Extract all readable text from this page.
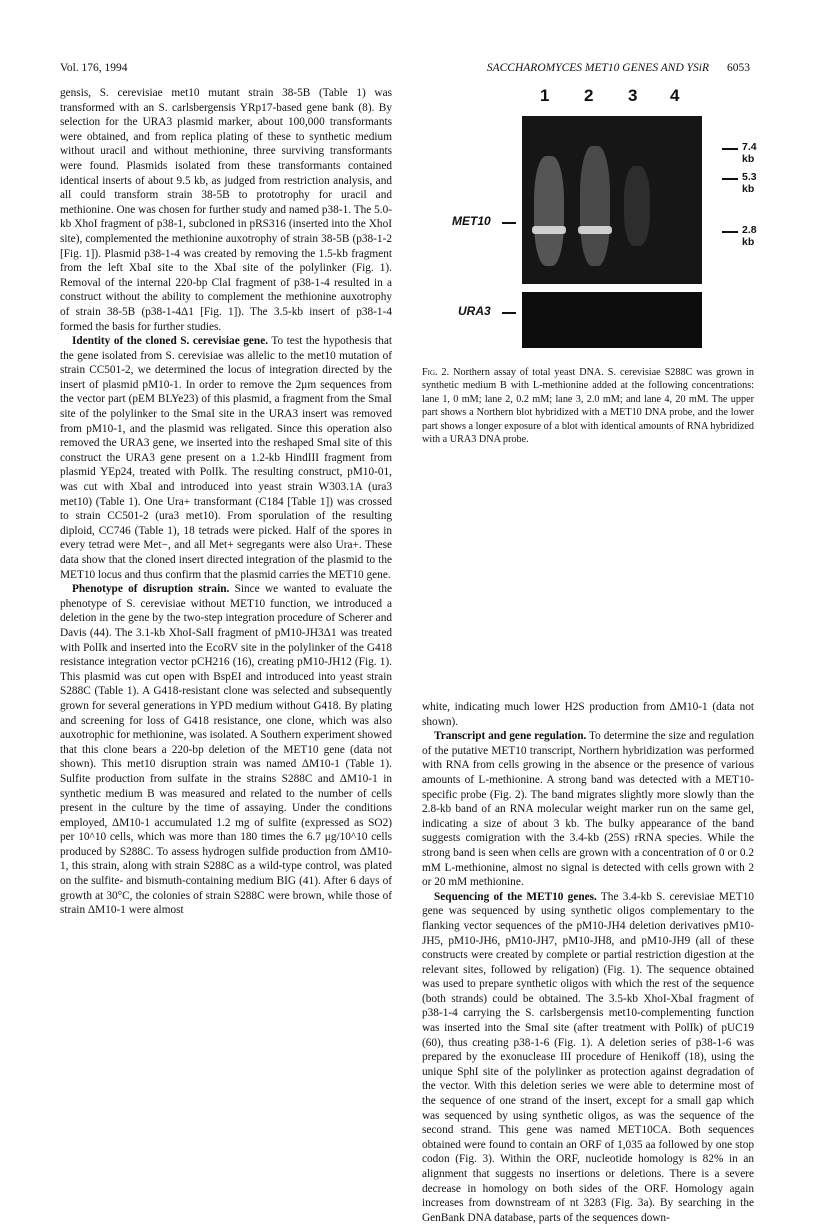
Vol. 176, 1994	SACCHAROMYCES MET10 GENES AND YSiR 6053

gensis, S. cerevisiae met10 mutant strain 38-5B (Table 1) was transformed with an S. carlsbergensis YRp17-based gene bank (8). By selection for the URA3 plasmid marker, about 100,000 transformants were obtained, and from replica plating of these to synthetic medium without uracil and without methionine, three surviving transformants were found. Plasmids isolated from these transformants contained identical inserts of about 9.5 kb, as judged from restriction analysis, and all could transform strain 38-5B to prototrophy for uracil and methionine. One was chosen for further study and named p38-1. The 5.0-kb XhoI fragment of p38-1, subcloned in pRS316 (inserted into the XhoI site), complemented the methionine auxotrophy of strain 38-5B (p38-1-2 [Fig. 1]). Plasmid p38-1-4 was created by removing the 1.5-kb fragment from the left XbaI site to the XbaI site of the polylinker (Fig. 1). Removal of the internal 220-bp ClaI fragment of p38-1-4 resulted in a construct without the ability to complement the methionine auxotrophy of strain 38-5B (p38-1-4Δ1 [Fig. 1]). The 3.5-kb insert of p38-1-4 formed the basis for further studies.

Identity of the cloned S. cerevisiae gene. To test the hypothesis that the gene isolated from S. cerevisiae was allelic to the met10 mutation of strain CC501-2, we determined the locus of integration directed by the insert of plasmid pM10-1. In order to remove the 2μm sequences from the vector part (pEM BLYe23) of this plasmid, a fragment from the SmaI site of the polylinker to the SmaI site in the URA3 insert was removed from pM10-1, and the plasmid was religated. Since this operation also removed the URA3 gene, we inserted into the reshaped SmaI site of this construct the URA3 gene present on a 1.2-kb HindIII fragment from plasmid YEp24, treated with PolIk. The resulting construct, pM10-01, was cut with XbaI and introduced into yeast strain W303.1A (ura3 met10) (Table 1). One Ura+ transformant (C184 [Table 1]) was crossed to strain CC501-2 (ura3 met10). From sporulation of the resulting diploid, CC746 (Table 1), 18 tetrads were picked. Half of the spores in every tetrad were Met−, and all Met+ segregants were also Ura+. These data show that the cloned insert directed integration of the plasmid to the MET10 locus and thus confirm that the plasmid carries the MET10 gene.

Phenotype of disruption strain. Since we wanted to evaluate the phenotype of S. cerevisiae without MET10 function, we introduced a deletion in the gene by the two-step integration procedure of Scherer and Davis (44). The 3.1-kb XhoI-SalI fragment of pM10-JH3Δ1 was treated with PolIk and inserted into the EcoRV site in the polylinker of the G418 resistance integration vector pCH216 (16), creating pM10-JH12 (Fig. 1). This plasmid was cut open with BspEI and introduced into yeast strain S288C (Table 1). A G418-resistant clone was selected and subsequently grown for several generations in YPD medium without G418. By plating and screening for loss of G418 resistance, one clone, which was also auxotrophic for methionine, was isolated. A Southern experiment showed that this clone bears a 220-bp deletion of the MET10 gene (data not shown). This met10 disruption strain was named ΔM10-1 (Table 1). Sulfite production from sulfate in the strains S288C and ΔM10-1 in synthetic medium B was measured and related to the number of cells present in the culture by the time of assaying. Under the conditions employed, ΔM10-1 accumulated 1.2 mg of sulfite (expressed as SO2) per 10^10 cells, which was more than 180 times the 6.7 μg/10^10 cells produced by S288C. To assess hydrogen sulfide production from ΔM10-1, this strain, along with strain S288C as a wild-type control, was plated on the sulfite- and bismuth-containing medium BIG (41). After 6 days of growth at 30°C, the colonies of strain S288C were brown, while those of strain ΔM10-1 were almost

1 2 3 4
7.4 kb
5.3 kb
2.8 kb
MET10
URA3
Fig. 2. Northern assay of total yeast DNA. S. cerevisiae S288C was grown in synthetic medium B with L-methionine added at the following concentrations: lane 1, 0 mM; lane 2, 0.2 mM; lane 3, 2.0 mM; and lane 4, 20 mM. The upper part shows a Northern blot hybridized with a MET10 DNA probe, and the lower part shows a longer exposure of a blot with identical amounts of RNA hybridized with a URA3 DNA probe.

white, indicating much lower H2S production from ΔM10-1 (data not shown).

Transcript and gene regulation. To determine the size and regulation of the putative MET10 transcript, Northern hybridization was performed with RNA from cells growing in the absence or the presence of various amounts of L-methionine. A strong band was detected with a MET10-specific probe (Fig. 2). The band migrates slightly more slowly than the 2.8-kb band of an RNA molecular weight marker run on the same gel, indicating a size of about 3 kb. The bulky appearance of the band suggests comigration with the 3.4-kb (25S) rRNA species. While the strong band is seen when cells are grown with a concentration of 0 or 0.2 mM L-methionine, almost no signal is detected with cells grown with 2 or 20 mM methionine.

Sequencing of the MET10 genes. The 3.4-kb S. cerevisiae MET10 gene was sequenced by using synthetic oligos complementary to the flanking vector sequences of the pM10-JH4 deletion derivatives pM10-JH5, pM10-JH6, pM10-JH7, pM10-JH8, and pM10-JH9 (all of these constructs were created by complete or partial restriction digestion at the relevant sites, followed by religation) (Fig. 1). The sequence obtained was used to prepare synthetic oligos with which the rest of the sequence (both strands) could be obtained. The 3.5-kb XhoI-XbaI fragment of p38-1-4 carrying the S. carlsbergensis met10-complementing function was inserted into the SmaI site (after treatment with PolIk) of pUC19 (60), thus creating p38-1-6 (Fig. 1). A deletion series of p38-1-6 was prepared by the exonuclease III procedure of Henikoff (18), using the unique SphI site of the polylinker as protection against degradation of the vector. With this deletion series we were able to determine most of the sequence of one strand of the insert, except for a small gap which was sequenced by using synthetic oligos, as was the sequence of the second strand. This gene was named MET10CA. Both sequences obtained were found to contain an ORF of 1,035 aa followed by one stop codon (Fig. 3). Within the ORF, nucleotide homology is 82% in an alignment that suggests no insertions or deletions. There is a severe decrease in homology on both sides of the ORF. Homology again increases from downstream of nt 3283 (Fig. 3a). By searching in the GenBank DNA database, parts of the sequences down-
